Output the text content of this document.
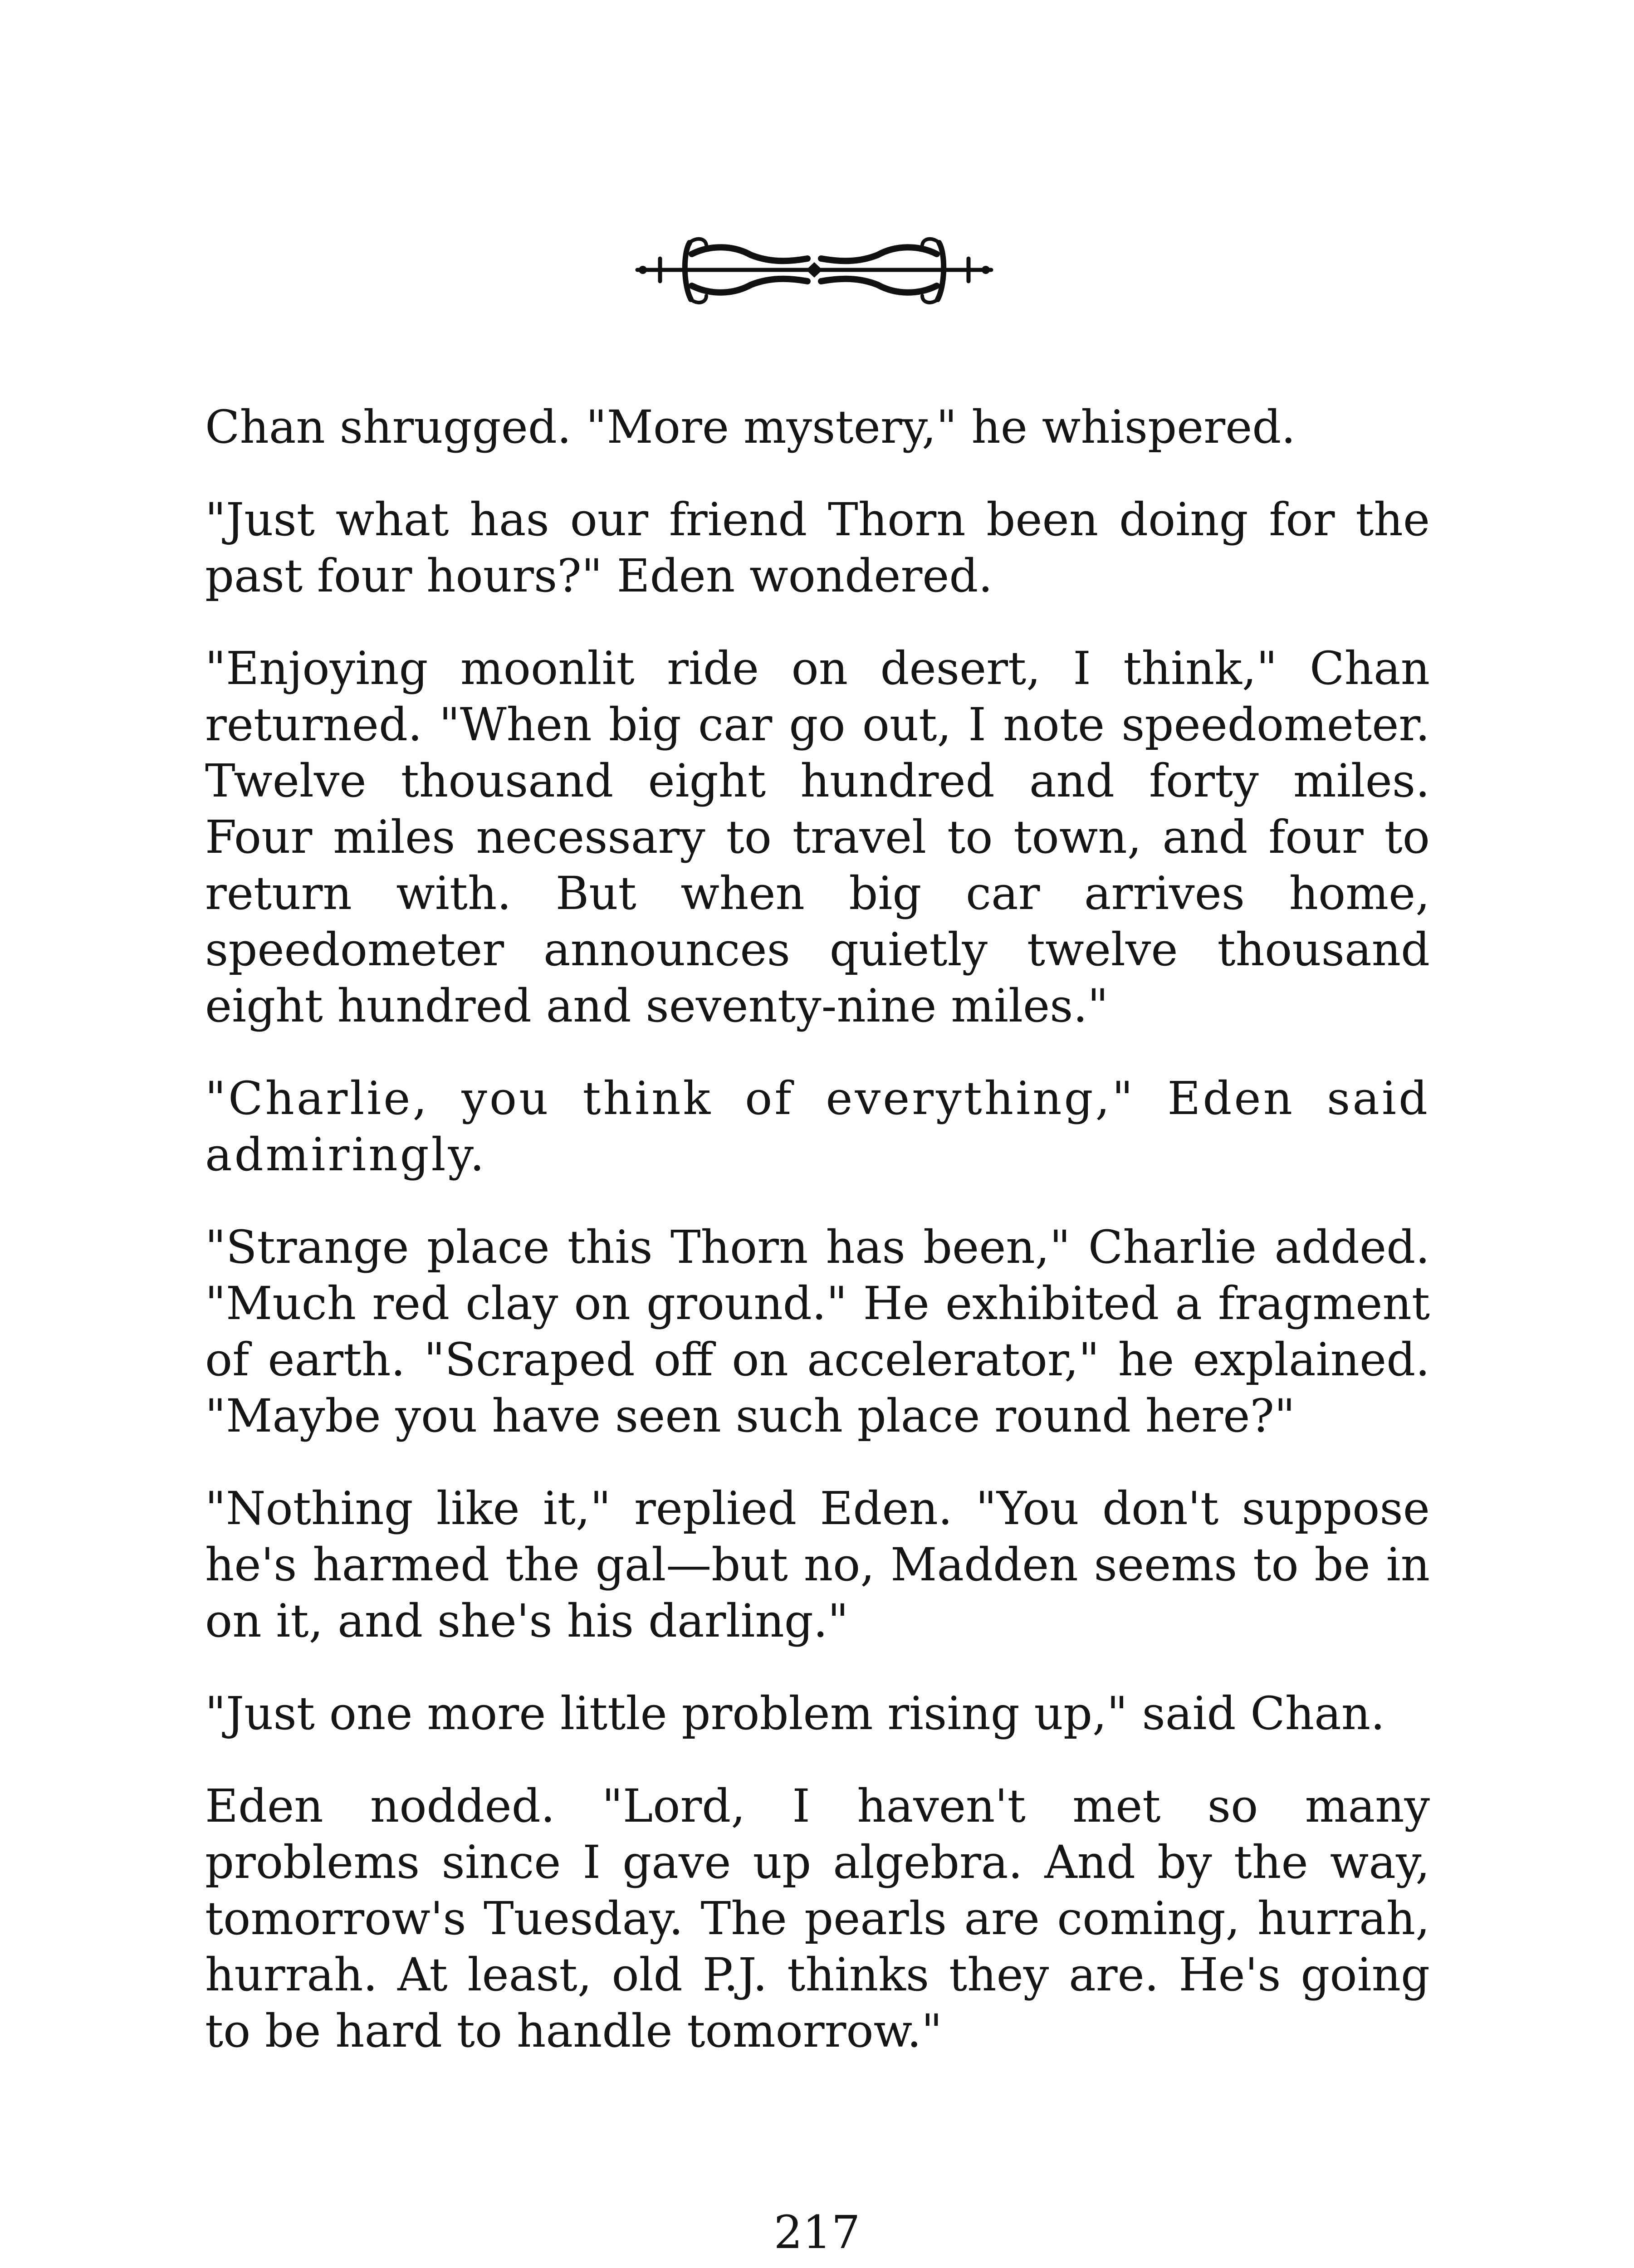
Chan shrugged. "More mystery," he whispered.

"Just what has our friend Thorn been doing for the past four hours?" Eden wondered.

"Enjoying moonlit ride on desert, I think," Chan returned. "When big car go out, I note speedometer. Twelve thousand eight hundred and forty miles. Four miles necessary to travel to town, and four to return with. But when big car arrives home, speedometer announces quietly twelve thousand eight hundred and seventy-nine miles."

"Charlie, you think of everything," Eden said admiringly.

"Strange place this Thorn has been," Charlie added. "Much red clay on ground." He exhibited a fragment of earth. "Scraped off on accelerator," he explained. "Maybe you have seen such place round here?"

"Nothing like it," replied Eden. "You don't suppose he's harmed the gal—but no, Madden seems to be in on it, and she's his darling."

"Just one more little problem rising up," said Chan.

Eden nodded. "Lord, I haven't met so many problems since I gave up algebra. And by the way, tomorrow's Tuesday. The pearls are coming, hurrah, hurrah. At least, old P.J. thinks they are. He's going to be hard to handle tomorrow."

217
